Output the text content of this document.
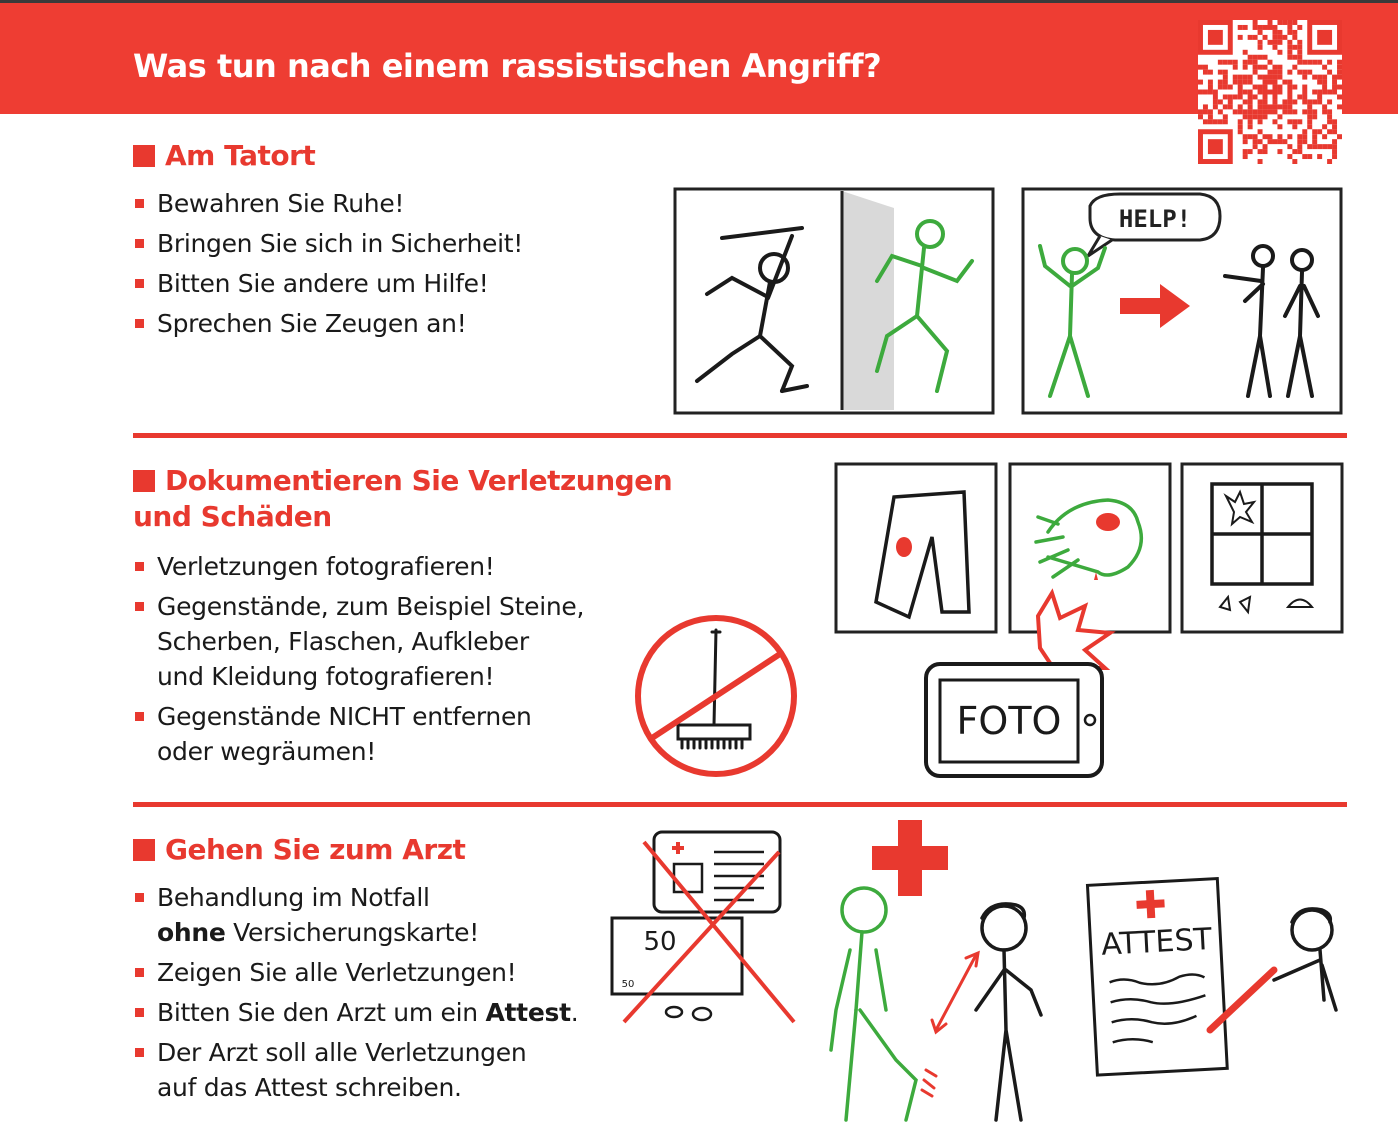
Was tun nach einem rassistischen Angriff?
Am Tatort
Bewahren Sie Ruhe!
Bringen Sie sich in Sicherheit!
Bitten Sie andere um Hilfe!
Sprechen Sie Zeugen an!
HELP!
Dokumentieren Sie Verletzungen
und Schäden
Verletzungen fotografieren!
Gegenstände, zum Beispiel Steine,
Scherben, Flaschen, Aufkleber
und Kleidung fotografieren!
Gegenstände NICHT entfernen
oder wegräumen!
FOTO
Gehen Sie zum Arzt
Behandlung im Notfall
ohne Versicherungskarte!
Zeigen Sie alle Verletzungen!
Bitten Sie den Arzt um ein Attest.
Der Arzt soll alle Verletzungen
auf das Attest schreiben.
50
50
ATTEST
